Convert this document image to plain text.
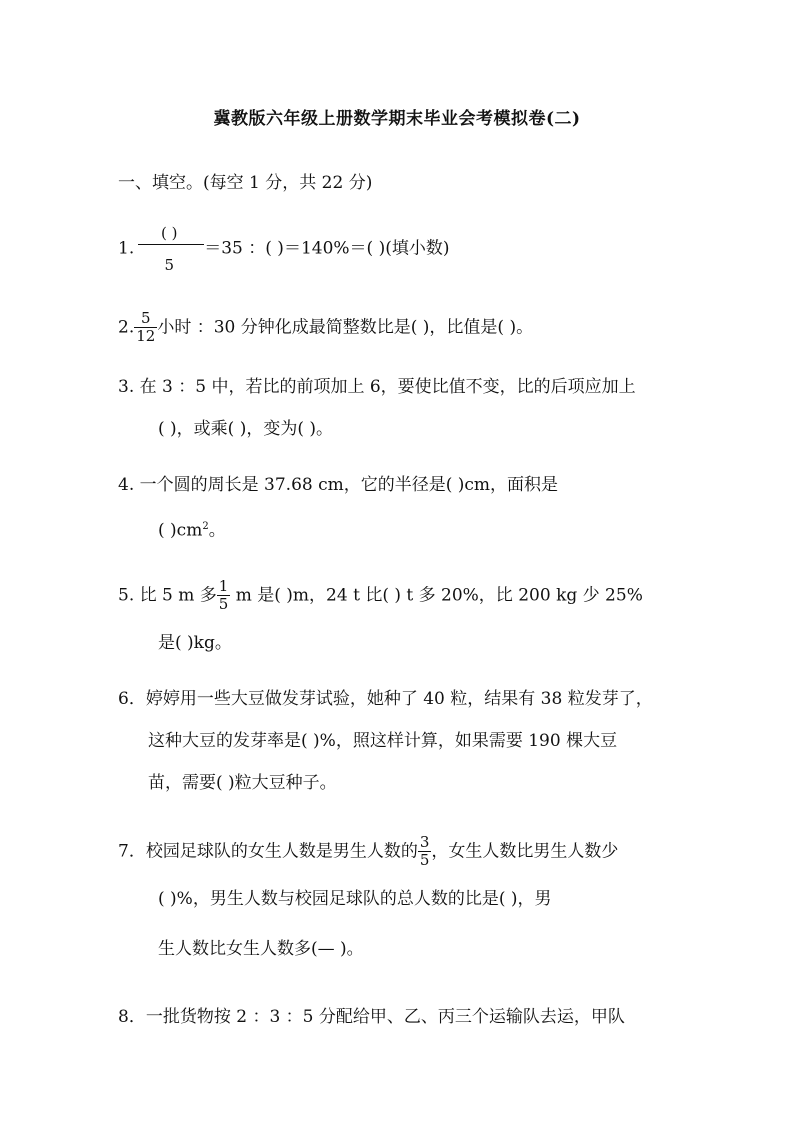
冀教版六年级上册数学期末毕业会考模拟卷(二)
一、填空。(每空 1 分，共 22 分)
1. $\frac{( )}{5} =35$ ：( )＝140%＝( )(填小数)
2. $\frac{5}{12}$ 小时 ：30 分钟化成最简整数比是( )，比值是( )。
3. 在 3 ：5 中，若比的前项加上 6，要使比值不变，比的后项应加上
( )，或乘( )，变为( )。
4. 一个圆的周长是 37.68 cm，它的半径是( )cm，面积是
( )$cm^2$。
5. 比 5 m 多 $\frac{1}{5}$ m 是( )m，24 t 比( ) t 多 20%，比 200 kg 少 25%
是( )kg。
6．婷婷用一些大豆做发芽试验，她种了 40 粒，结果有 38 粒发芽了，
这种大豆的发芽率是( )%，照这样计算，如果需要 190 棵大豆
苗，需要( )粒大豆种子。
7．校园足球队的女生人数是男生人数的 $\frac{3}{5}$ ，女生人数比男生人数少
( )%，男生人数与校园足球队的总人数的比是( )，男
生人数比女生人数多(— )。
8．一批货物按 2 ：3 ：5 分配给甲、乙、丙三个运输队去运，甲队
